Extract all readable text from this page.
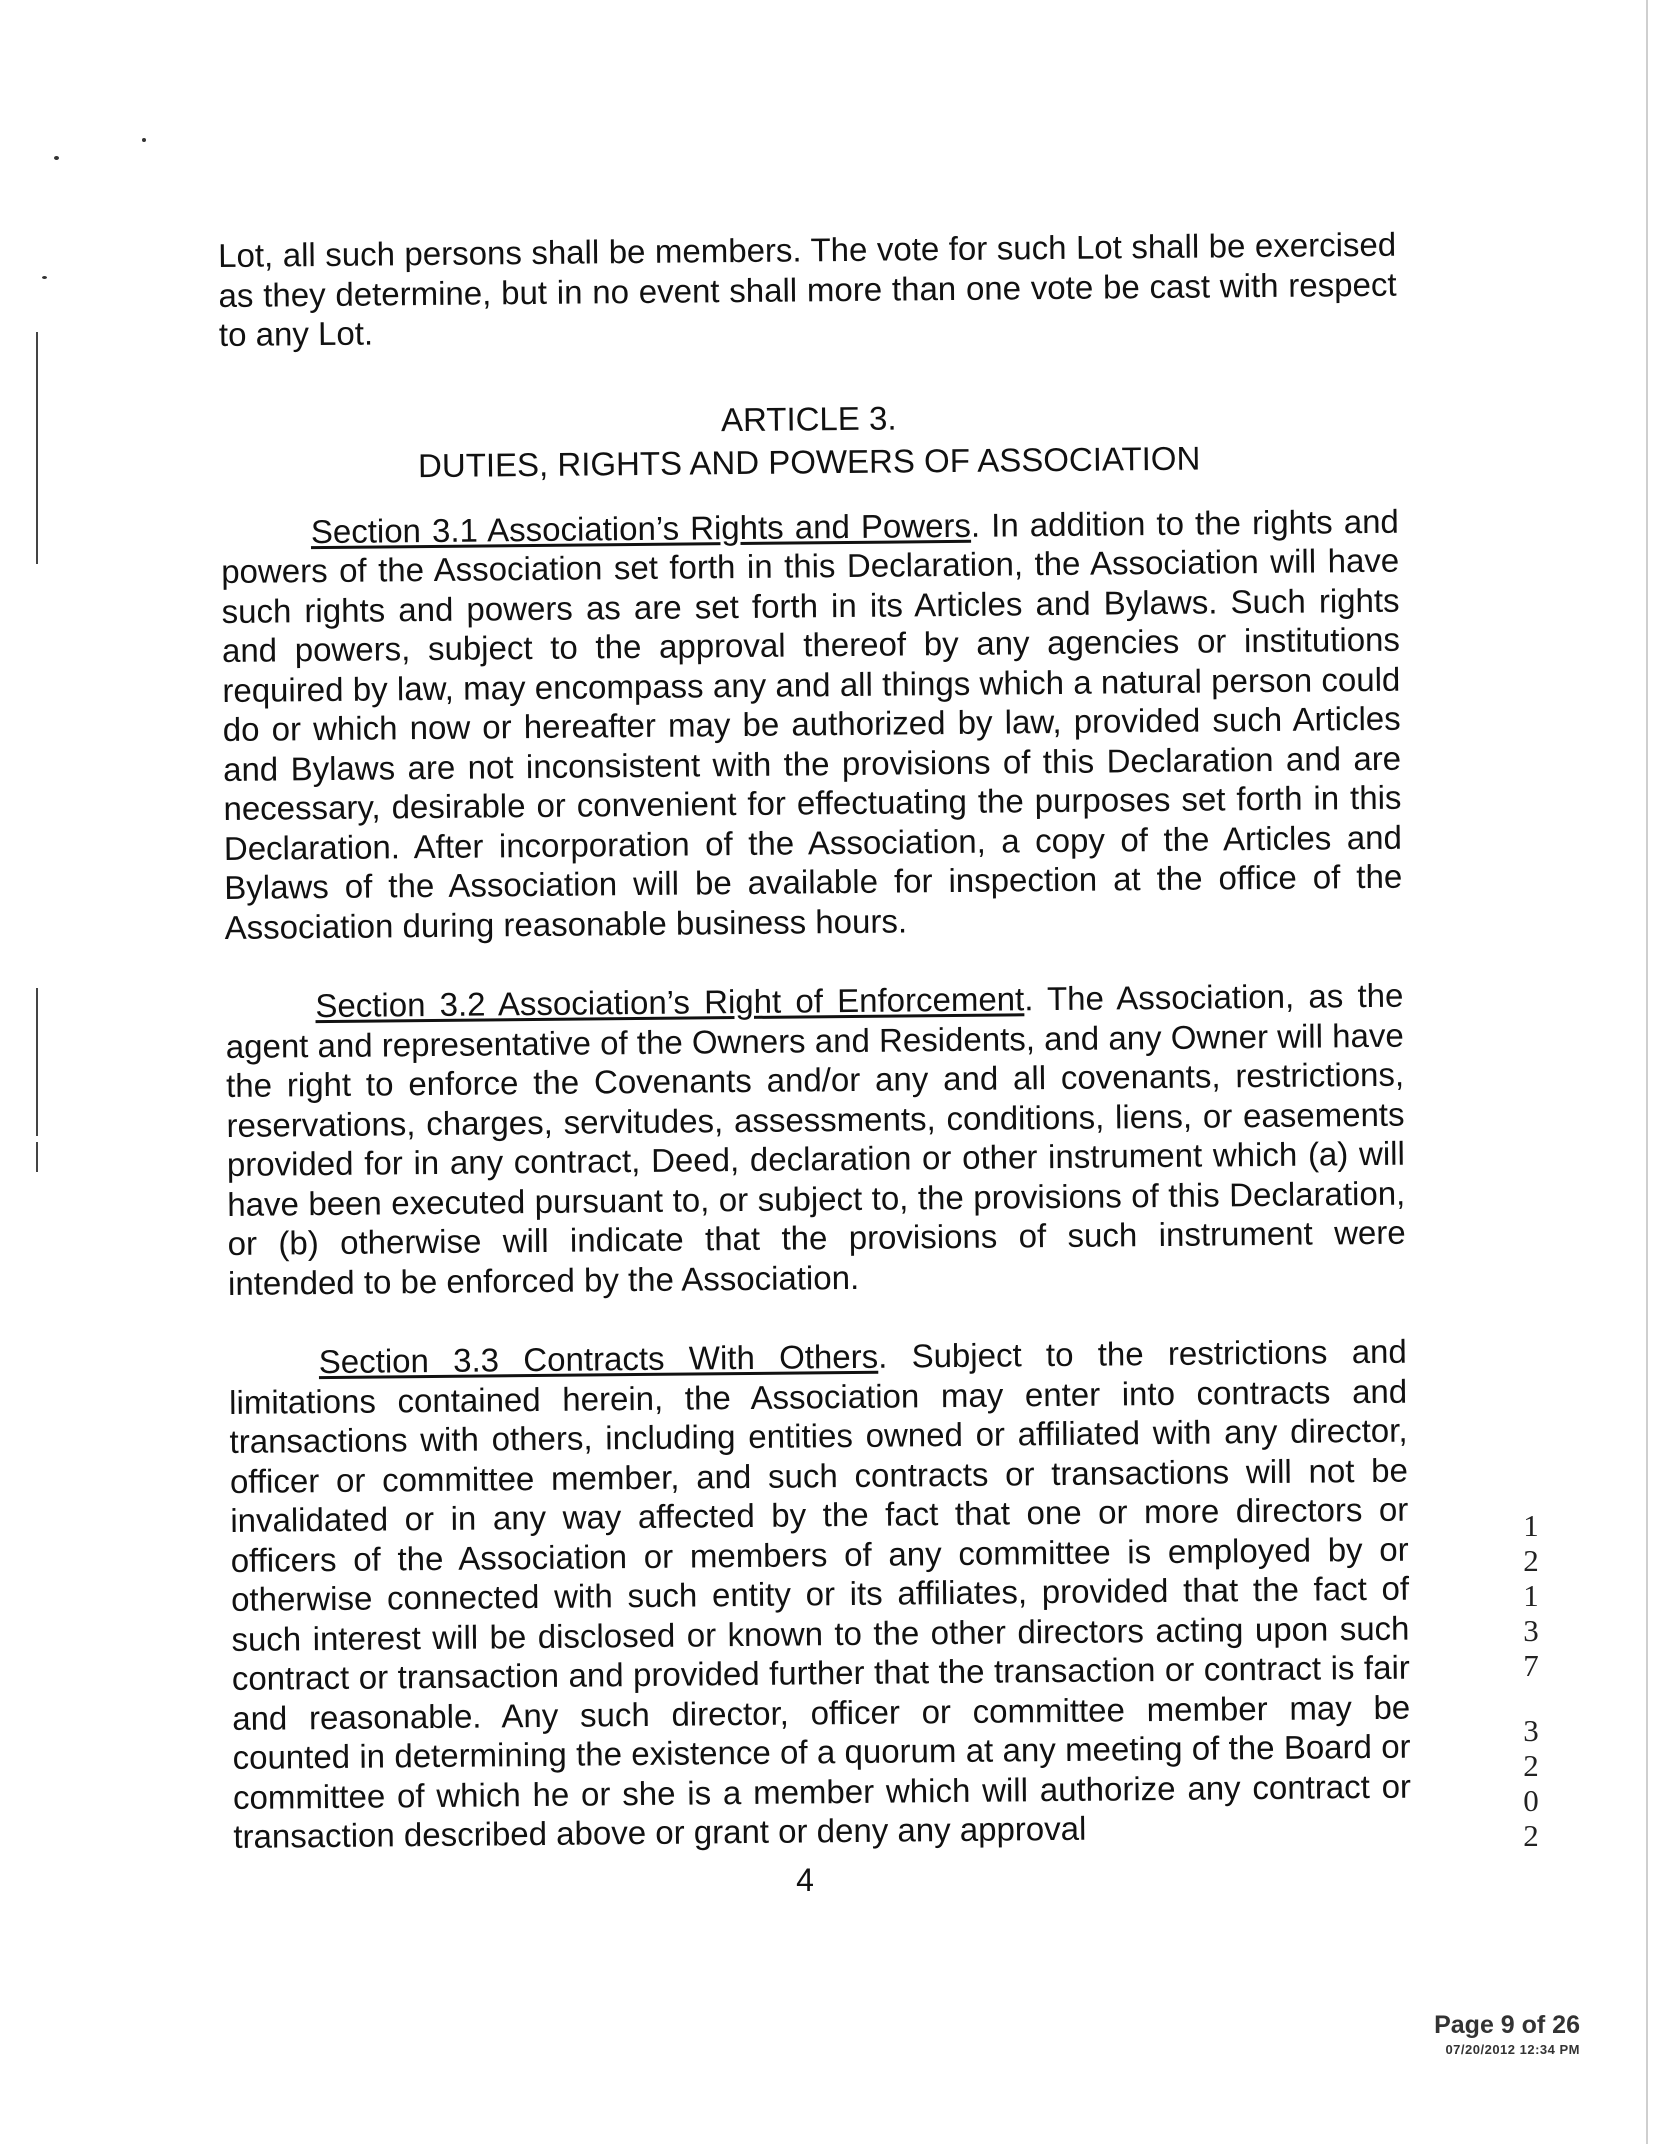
Lot, all such persons shall be members. The vote for such Lot shall be exercised as they determine, but in no event shall more than one vote be cast with respect to any Lot.

ARTICLE 3.

DUTIES, RIGHTS AND POWERS OF ASSOCIATION

Section 3.1 Association’s Rights and Powers. In addition to the rights and powers of the Association set forth in this Declaration, the Association will have such rights and powers as are set forth in its Articles and Bylaws. Such rights and powers, subject to the approval thereof by any agencies or institutions required by law, may encompass any and all things which a natural person could do or which now or hereafter may be authorized by law, provided such Articles and Bylaws are not inconsistent with the provisions of this Declaration and are necessary, desirable or convenient for effectuating the purposes set forth in this Declaration. After incorporation of the Association, a copy of the Articles and Bylaws of the Association will be available for inspection at the office of the Association during reasonable business hours.

Section 3.2 Association’s Right of Enforcement. The Association, as the agent and representative of the Owners and Residents, and any Owner will have the right to enforce the Covenants and/or any and all covenants, restrictions, reservations, charges, servitudes, assessments, conditions, liens, or easements provided for in any contract, Deed, declaration or other instrument which (a) will have been executed pursuant to, or subject to, the provisions of this Declaration, or (b) otherwise will indicate that the provisions of such instrument were intended to be enforced by the Association.

Section 3.3 Contracts With Others. Subject to the restrictions and limitations contained herein, the Association may enter into contracts and transactions with others, including entities owned or affiliated with any director, officer or committee member, and such contracts or transactions will not be invalidated or in any way affected by the fact that one or more directors or officers of the Association or members of any committee is employed by or otherwise connected with such entity or its affiliates, provided that the fact of such interest will be disclosed or known to the other directors acting upon such contract or transaction and provided further that the transaction or contract is fair and reasonable. Any such director, officer or committee member may be counted in determining the existence of a quorum at any meeting of the Board or committee of which he or she is a member which will authorize any contract or transaction described above or grant or deny any approval

4
1
2
1
3
7
3
2
0
2
Page 9 of 26
07/20/2012 12:34 PM
